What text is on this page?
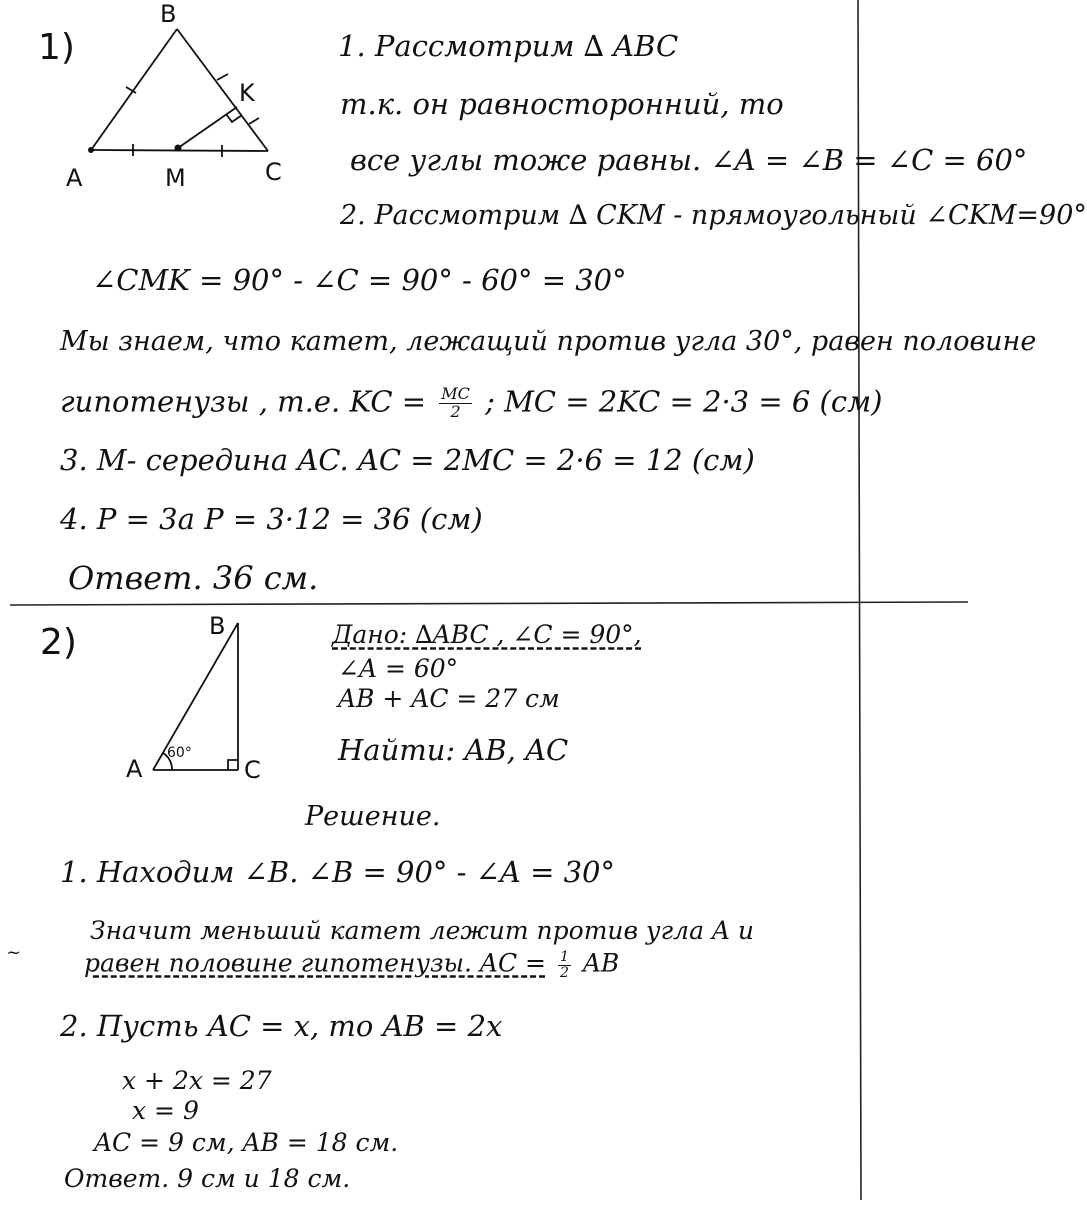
1)
B
K
A	M	C
1. Рассмотрим ∆ ABC
т.к. он равносторонний, то
все углы тоже равны. ∠A = ∠B = ∠C = 60°
2. Рассмотрим ∆ CKM - прямоугольный ∠CKM=90°
∠CMK = 90° - ∠C = 90° - 60° = 30°
Мы знаем, что катет, лежащий против угла 30°, равен половине
гипотенузы , т.е. KC = $\frac{MC}{2}$ ; MC = 2KC = 2·3 = 6 (см)
3. M- середина AC. AC = 2MC = 2·6 = 12 (см)
4. P = 3a P = 3·12 = 36 (см)
Ответ. 36 см.
2)	B
A	C
60°
Дано: ∆ABC , ∠C = 90°,
∠A = 60°
AB + AC = 27 см
Найти: AB, AC
Решение.
1. Находим ∠B. ∠B = 90° - ∠A = 30°
Значит меньший катет лежит против угла A и
равен половине гипотенузы. AC = $\frac{1}{2}$ AB
2. Пусть AC = x, то AB = 2x
x + 2x = 27
x = 9
AC = 9 см, AB = 18 см.
Ответ. 9 см и 18 см.
~
